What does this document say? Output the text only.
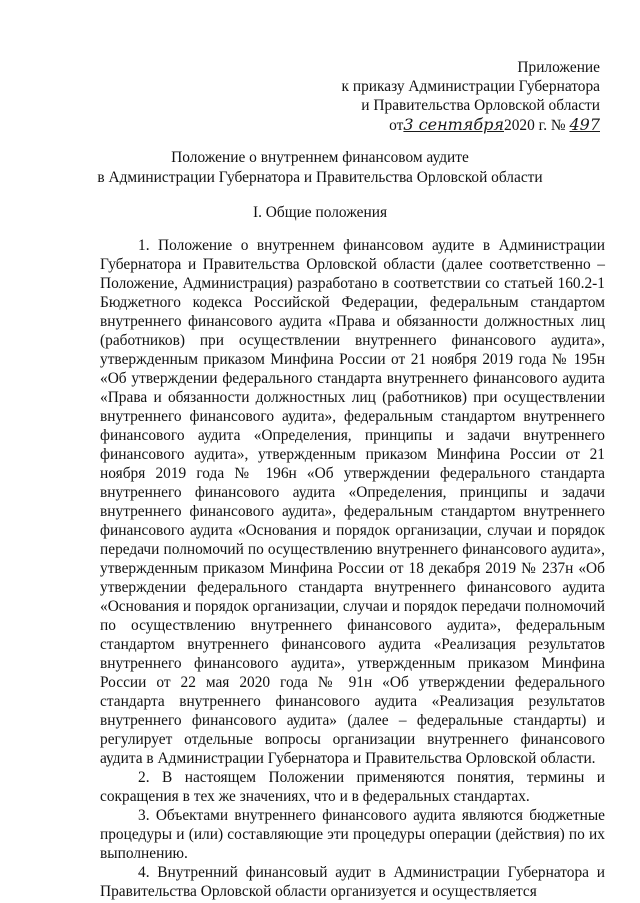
Приложение
к приказу Администрации Губернатора
и Правительства Орловской области
от3 сентября2020 г. № 497
Положение о внутреннем финансовом аудите
в Администрации Губернатора и Правительства Орловской области
I. Общие положения

1. Положение о внутреннем финансовом аудите в Администрации Губернатора и Правительства Орловской области (далее соответственно – Положение, Администрация) разработано в соответствии со статьей 160.2-1 Бюджетного кодекса Российской Федерации, федеральным стандартом внутреннего финансового аудита «Права и обязанности должностных лиц (работников) при осуществлении внутреннего финансового аудита», утвержденным приказом Минфина России от 21 ноября 2019 года № 195н «Об утверждении федерального стандарта внутреннего финансового аудита «Права и обязанности должностных лиц (работников) при осуществлении внутреннего финансового аудита», федеральным стандартом внутреннего финансового аудита «Определения, принципы и задачи внутреннего финансового аудита», утвержденным приказом Минфина России от 21 ноября 2019 года № 196н «Об утверждении федерального стандарта внутреннего финансового аудита «Определения, принципы и задачи внутреннего финансового аудита», федеральным стандартом внутреннего финансового аудита «Основания и порядок организации, случаи и порядок передачи полномочий по осуществлению внутреннего финансового аудита», утвержденным приказом Минфина России от 18 декабря 2019 № 237н «Об утверждении федерального стандарта внутреннего финансового аудита «Основания и порядок организации, случаи и порядок передачи полномочий по осуществлению внутреннего финансового аудита», федеральным стандартом внутреннего финансового аудита «Реализация результатов внутреннего финансового аудита», утвержденным приказом Минфина России от 22 мая 2020 года № 91н «Об утверждении федерального стандарта внутреннего финансового аудита «Реализация результатов внутреннего финансового аудита» (далее – федеральные стандарты) и регулирует отдельные вопросы организации внутреннего финансового аудита в Администрации Губернатора и Правительства Орловской области.

2. В настоящем Положении применяются понятия, термины и сокращения в тех же значениях, что и в федеральных стандартах.

3. Объектами внутреннего финансового аудита являются бюджетные процедуры и (или) составляющие эти процедуры операции (действия) по их выполнению.

4. Внутренний финансовый аудит в Администрации Губернатора и Правительства Орловской области организуется и осуществляется
